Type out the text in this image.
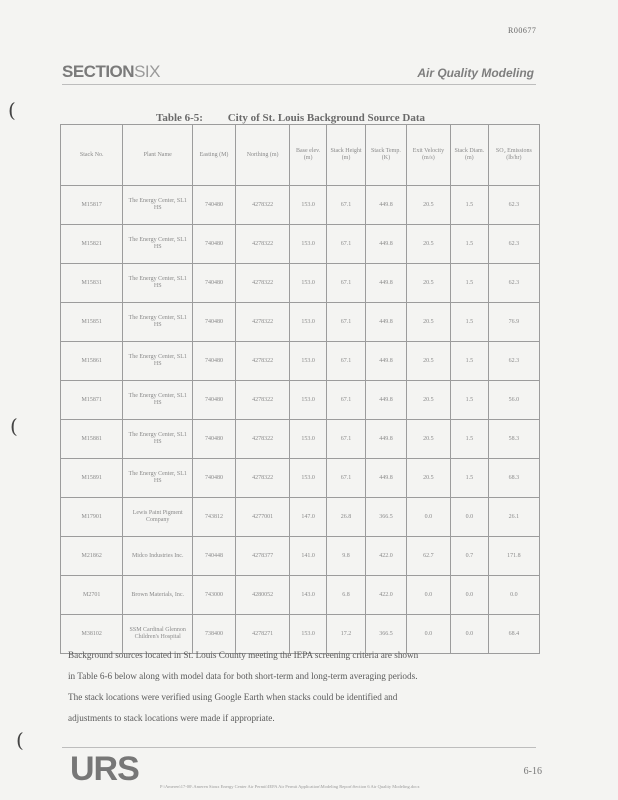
R00677
SECTIONSIX	Air Quality Modeling
Table 6-5: City of St. Louis Background Source Data
Stack No.	Plant Name	Easting (M)	Northing (m)	Base elev. (m)	Stack Height (m)	Stack Temp. (K)	Exit Velocity (m/s)	Stack Diam. (m)	SO₂ Emissions (lb/hr)
M15817	The Energy Center, SL1 HS	740480	4278322	153.0	67.1	449.8	20.5	1.5	62.3
M15821	The Energy Center, SL1 HS	740480	4278322	153.0	67.1	449.8	20.5	1.5	62.3
M15831	The Energy Center, SL1 HS	740480	4278322	153.0	67.1	449.8	20.5	1.5	62.3
M15851	The Energy Center, SL1 HS	740480	4278322	153.0	67.1	449.8	20.5	1.5	76.9
M15861	The Energy Center, SL1 HS	740480	4278322	153.0	67.1	449.8	20.5	1.5	62.3
M15871	The Energy Center, SL1 HS	740480	4278322	153.0	67.1	449.8	20.5	1.5	56.0
M15881	The Energy Center, SL1 HS	740480	4278322	153.0	67.1	449.8	20.5	1.5	58.3
M15891	The Energy Center, SL1 HS	740480	4278322	153.0	67.1	449.8	20.5	1.5	68.3
M17901	Lewis Paint Pigment Company	743812	4277001	147.0	26.8	366.5	0.0	0.0	26.1
M21862	Midco Industries Inc.	740448	4278377	141.0	9.8	422.0	62.7	0.7	171.8
M2701	Brown Materials, Inc.	743000	4280052	143.0	6.8	422.0	0.0	0.0	0.0
M38102	SSM Cardinal Glennon Children's Hospital	738400	4278271	153.0	17.2	366.5	0.0	0.0	68.4
Background sources located in St. Louis County meeting the IEPA screening criteria are shown
in Table 6-6 below along with model data for both short-term and long-term averaging periods.
The stack locations were verified using Google Earth when stacks could be identified and
adjustments to stack locations were made if appropriate.
(
(
(
URS	6-16
P:\Ameren\17-00\ Ameren Sioux Energy Center Air Permit\IEPA Air Permit Application\Modeling Report\Section 6 Air Quality Modeling.docx
